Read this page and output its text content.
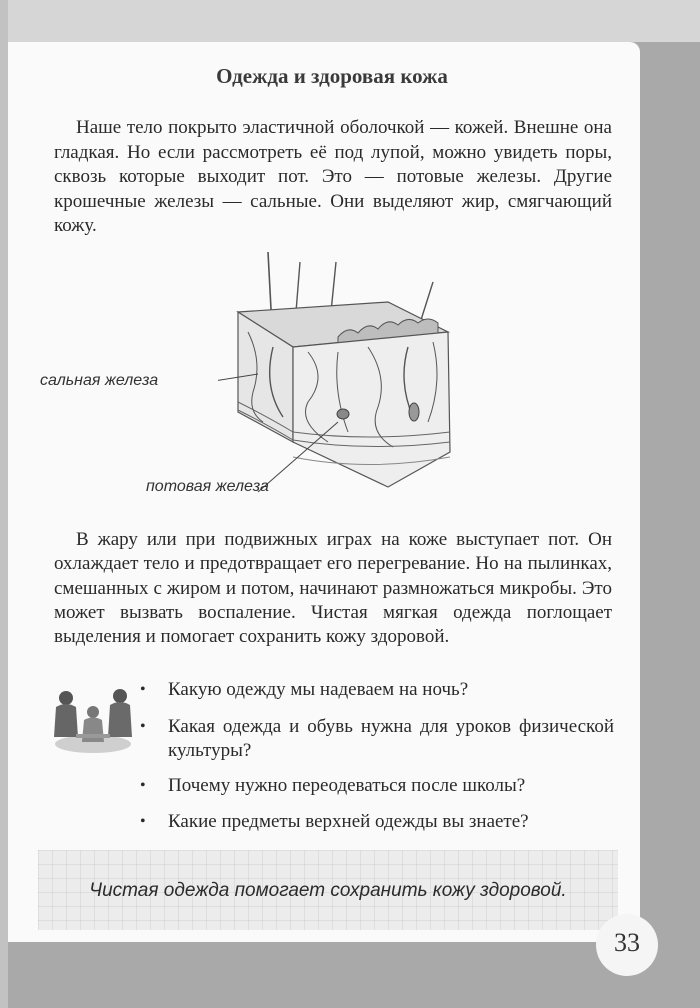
Одежда и здоровая кожа

Наше тело покрыто эластичной оболочкой — кожей. Внешне она гладкая. Но если рассмотреть её под лупой, можно увидеть поры, сквозь которые выходит пот. Это — потовые железы. Другие крошечные железы — сальные. Они выделяют жир, смягчающий кожу.

сальная железа
потовая железа

В жару или при подвижных играх на коже выступает пот. Он охлаждает тело и предотвращает его перегревание. Но на пылинках, смешанных с жиром и потом, начинают размножаться микробы. Это может вызвать воспаление. Чистая мягкая одежда поглощает выделения и помогает сохранить кожу здоровой.

• Какую одежду мы надеваем на ночь?
• Какая одежда и обувь нужна для уроков физической культуры?
• Почему нужно переодеваться после школы?
• Какие предметы верхней одежды вы знаете?
Чистая одежда помогает сохранить кожу здоровой.
33
